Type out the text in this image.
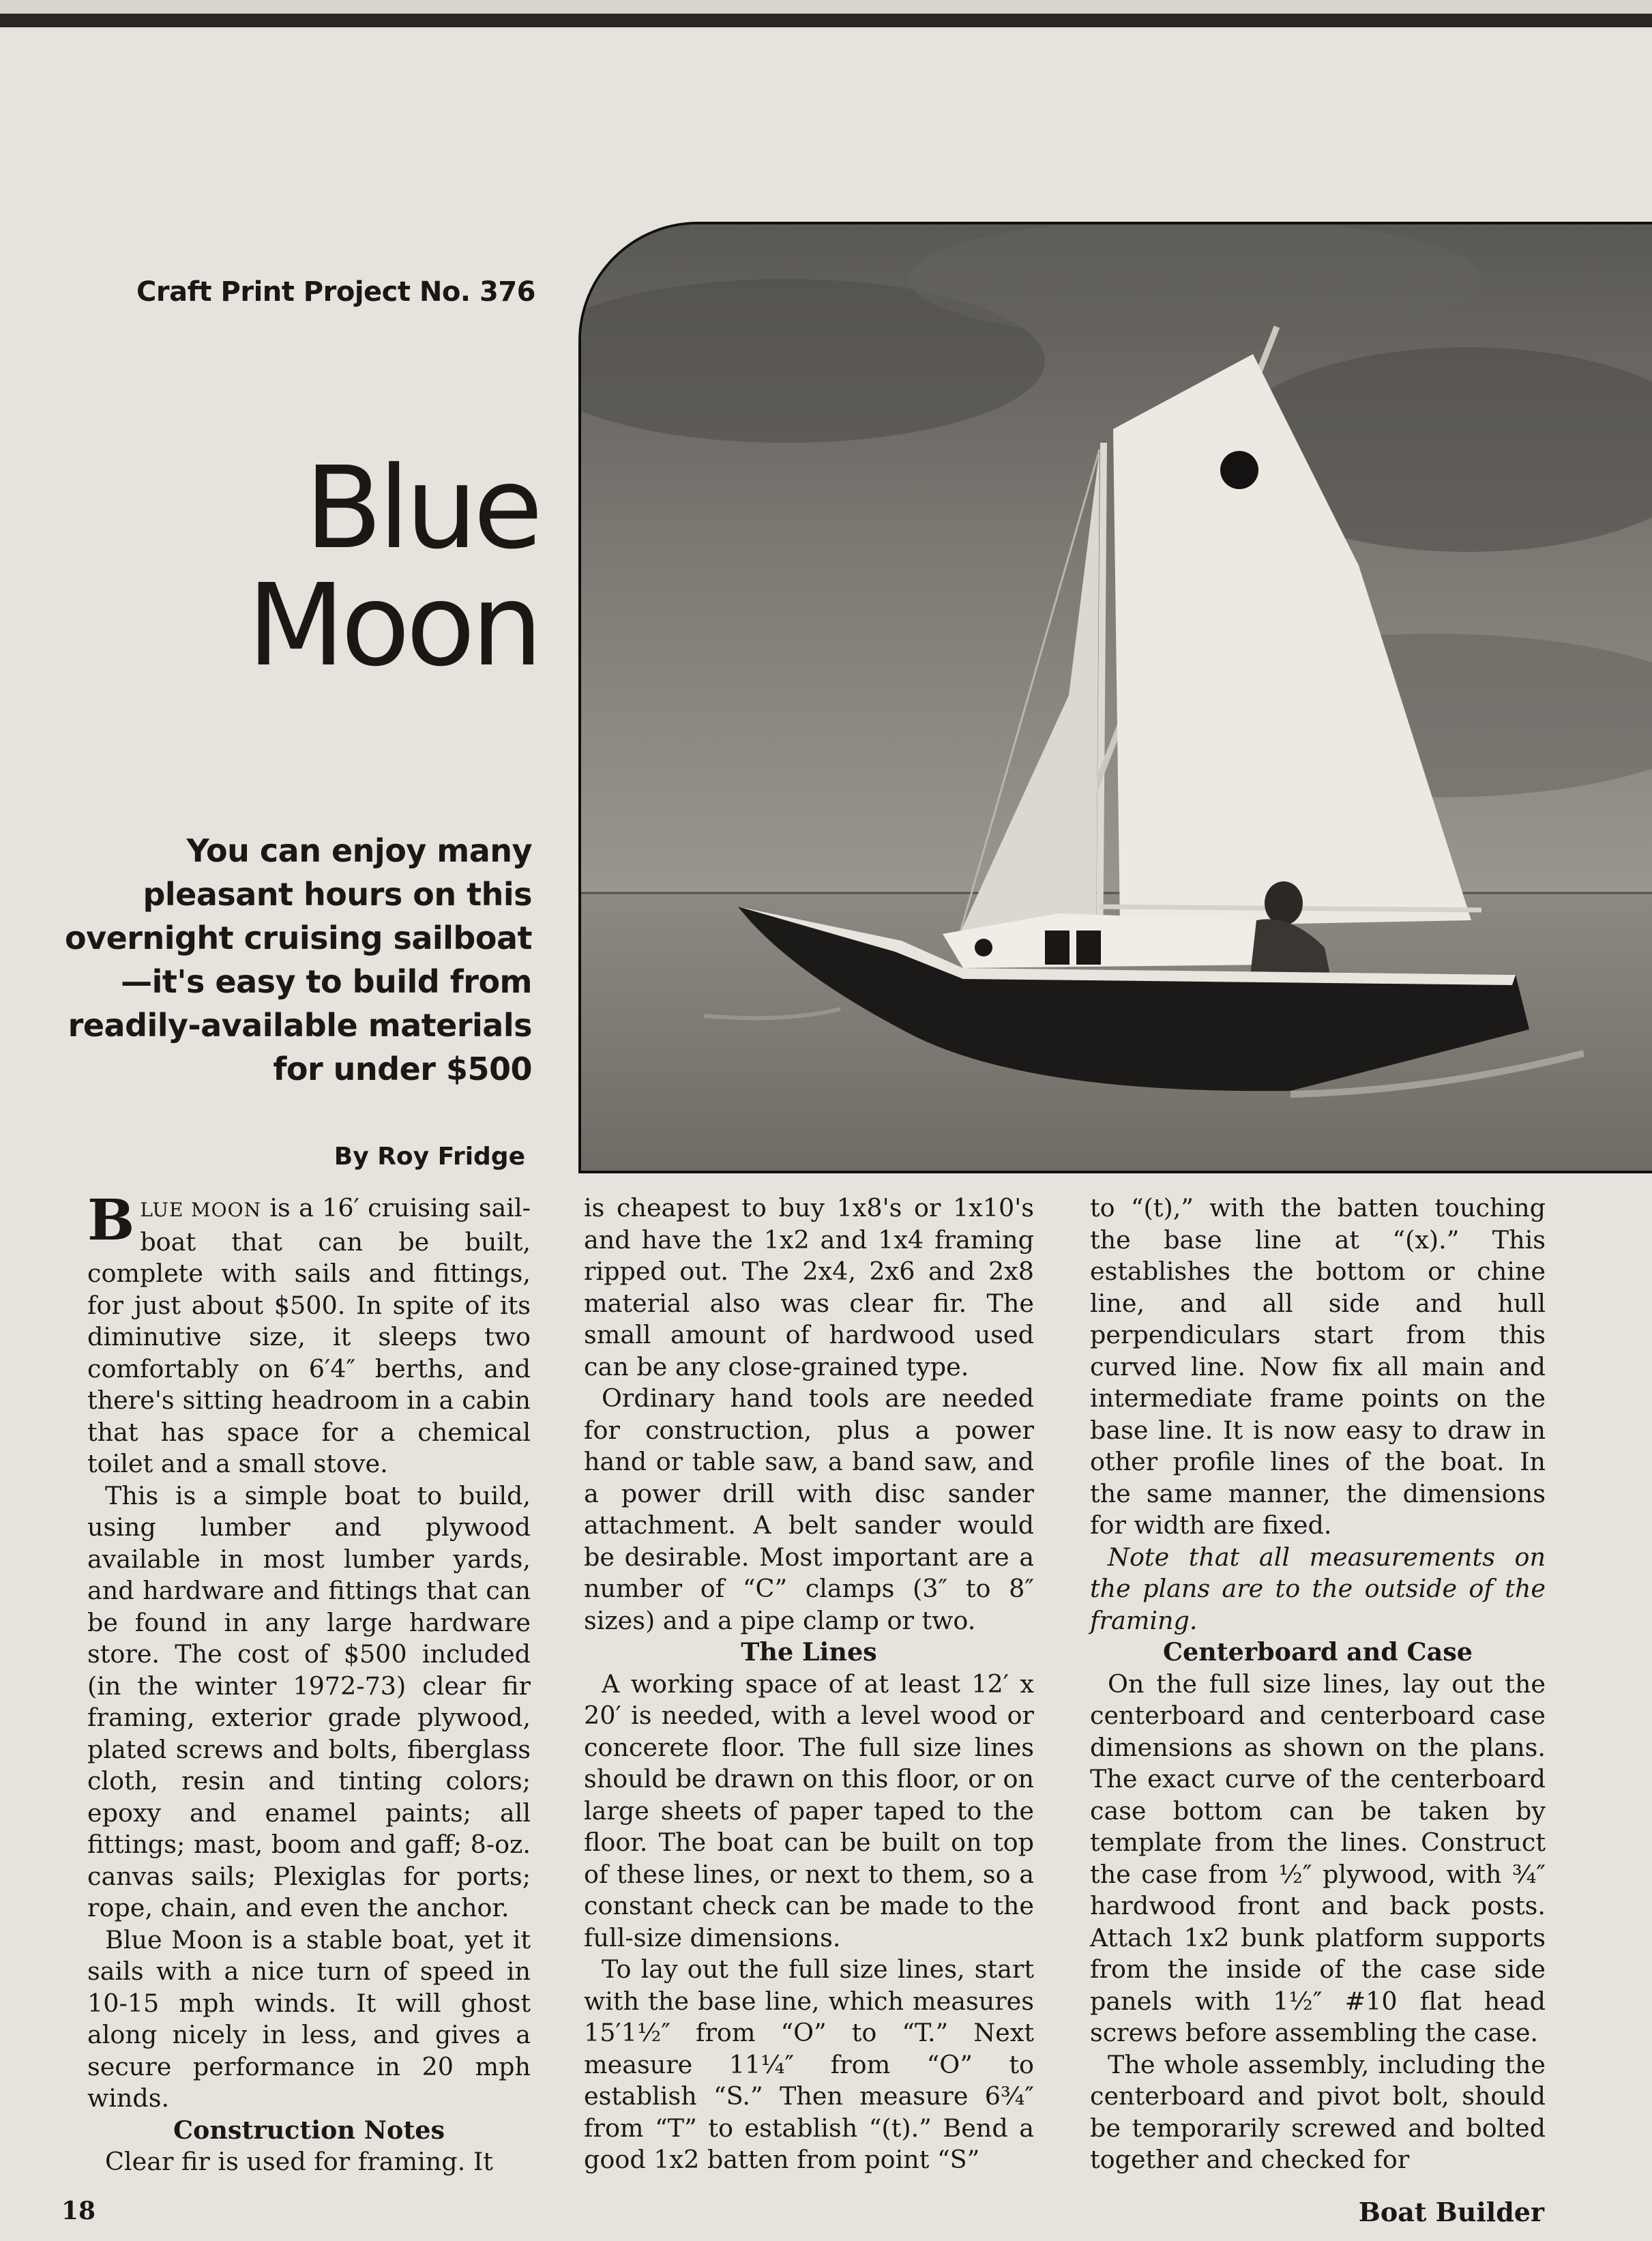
Craft Print Project No. 376
Blue
Moon
You can enjoy many pleasant hours on this overnight cruising sailboat—it's easy to build from readily-available materials for under $500
By Roy Fridge

BLUE MOON is a 16′ cruising sail-boat that can be built, complete with sails and fittings, for just about $500. In spite of its diminutive size, it sleeps two comfortably on 6′4″ berths, and there's sitting headroom in a cabin that has space for a chemical toilet and a small stove.

This is a simple boat to build, using lumber and plywood available in most lumber yards, and hardware and fittings that can be found in any large hardware store. The cost of $500 included (in the winter 1972-73) clear fir framing, exterior grade plywood, plated screws and bolts, fiberglass cloth, resin and tinting colors; epoxy and enamel paints; all fittings; mast, boom and gaff; 8-oz. canvas sails; Plexiglas for ports; rope, chain, and even the anchor.

Blue Moon is a stable boat, yet it sails with a nice turn of speed in 10-15 mph winds. It will ghost along nicely in less, and gives a secure performance in 20 mph winds.

Construction Notes

Clear fir is used for framing. It

is cheapest to buy 1x8's or 1x10's and have the 1x2 and 1x4 framing ripped out. The 2x4, 2x6 and 2x8 material also was clear fir. The small amount of hardwood used can be any close-grained type.

Ordinary hand tools are needed for construction, plus a power hand or table saw, a band saw, and a power drill with disc sander attachment. A belt sander would be desirable. Most important are a number of “C” clamps (3″ to 8″ sizes) and a pipe clamp or two.

The Lines

A working space of at least 12′ x 20′ is needed, with a level wood or concerete floor. The full size lines should be drawn on this floor, or on large sheets of paper taped to the floor. The boat can be built on top of these lines, or next to them, so a constant check can be made to the full-size dimensions.

To lay out the full size lines, start with the base line, which measures 15′1½″ from “O” to “T.” Next measure 11¼″ from “O” to establish “S.” Then measure 6¾″ from “T” to establish “(t).” Bend a good 1x2 batten from point “S”

to “(t),” with the batten touching the base line at “(x).” This establishes the bottom or chine line, and all side and hull perpendiculars start from this curved line. Now fix all main and intermediate frame points on the base line. It is now easy to draw in other profile lines of the boat. In the same manner, the dimensions for width are fixed.

Note that all measurements on the plans are to the outside of the framing.

Centerboard and Case

On the full size lines, lay out the centerboard and centerboard case dimensions as shown on the plans. The exact curve of the centerboard case bottom can be taken by template from the lines. Construct the case from ½″ plywood, with ¾″ hardwood front and back posts. Attach 1x2 bunk platform supports from the inside of the case side panels with 1½″ #10 flat head screws before assembling the case.

The whole assembly, including the centerboard and pivot bolt, should be temporarily screwed and bolted together and checked for

18	Boat Builder
